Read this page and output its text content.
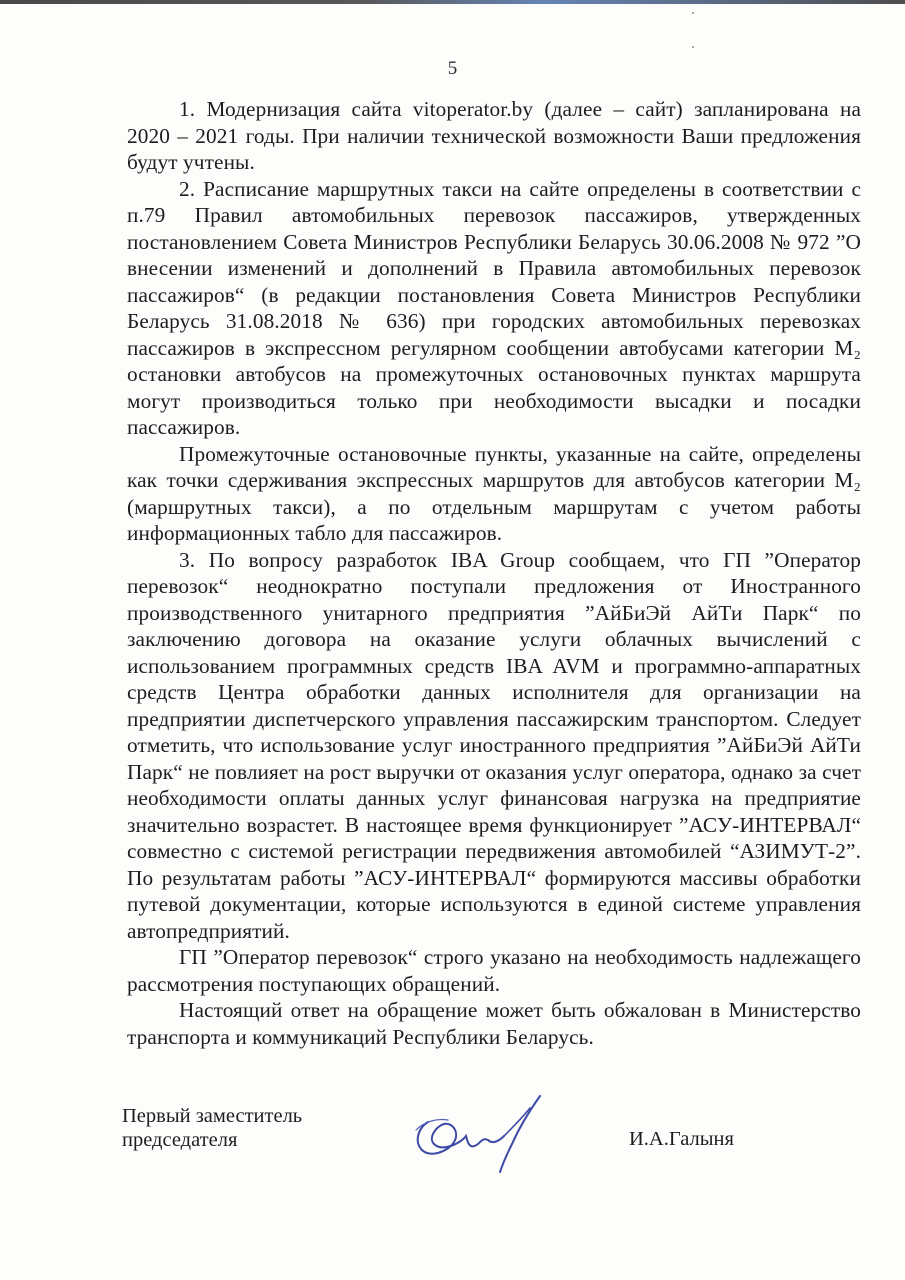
5

1. Модернизация сайта vitoperator.by (далее – сайт) запланирована на 2020 – 2021 годы. При наличии технической возможности Ваши предложения будут учтены.

2. Расписание маршрутных такси на сайте определены в соответствии с п.79 Правил автомобильных перевозок пассажиров, утвержденных постановлением Совета Министров Республики Беларусь 30.06.2008 № 972 ”О внесении изменений и дополнений в Правила автомобильных перевозок пассажиров“ (в редакции постановления Совета Министров Республики Беларусь 31.08.2018 № 636) при городских автомобильных перевозках пассажиров в экспрессном регулярном сообщении автобусами категории M₂ остановки автобусов на промежуточных остановочных пунктах маршрута могут производиться только при необходимости высадки и посадки пассажиров.

Промежуточные остановочные пункты, указанные на сайте, определены как точки сдерживания экспрессных маршрутов для автобусов категории M₂ (маршрутных такси), а по отдельным маршрутам с учетом работы информационных табло для пассажиров.

3. По вопросу разработок IBA Group сообщаем, что ГП ”Оператор перевозок“ неоднократно поступали предложения от Иностранного производственного унитарного предприятия ”АйБиЭй АйТи Парк“ по заключению договора на оказание услуги облачных вычислений с использованием программных средств IBA AVM и программно-аппаратных средств Центра обработки данных исполнителя для организации на предприятии диспетчерского управления пассажирским транспортом. Следует отметить, что использование услуг иностранного предприятия ”АйБиЭй АйТи Парк“ не повлияет на рост выручки от оказания услуг оператора, однако за счет необходимости оплаты данных услуг финансовая нагрузка на предприятие значительно возрастет. В настоящее время функционирует ”АСУ-ИНТЕРВАЛ“ совместно с системой регистрации передвижения автомобилей “АЗИМУТ-2”. По результатам работы ”АСУ-ИНТЕРВАЛ“ формируются массивы обработки путевой документации, которые используются в единой системе управления автопредприятий.

ГП ”Оператор перевозок“ строго указано на необходимость надлежащего рассмотрения поступающих обращений.

Настоящий ответ на обращение может быть обжалован в Министерство транспорта и коммуникаций Республики Беларусь.

Первый заместитель
председателя	И.А.Галыня
